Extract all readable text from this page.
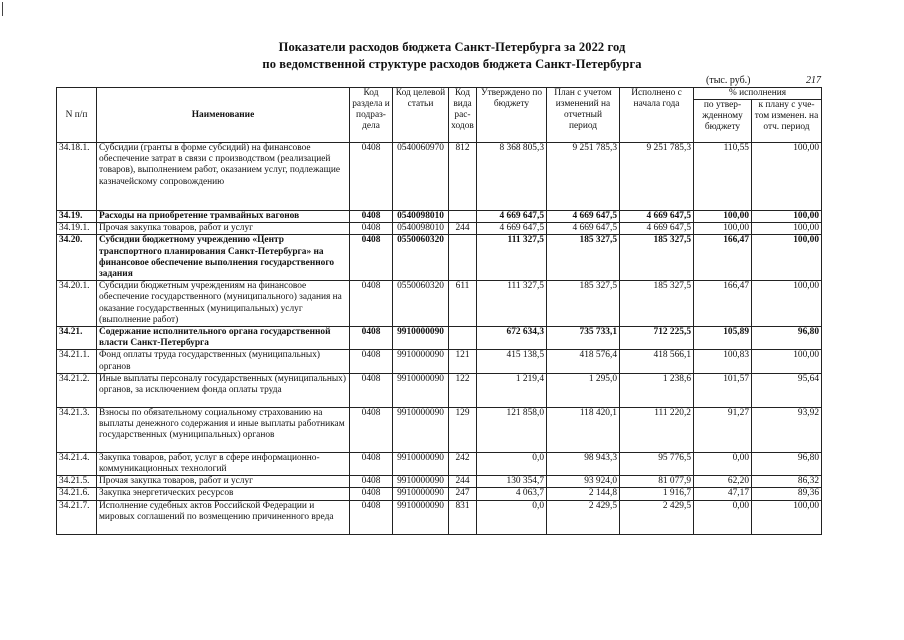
Показатели расходов бюджета Санкт-Петербурга за 2022 год
по ведомственной структуре расходов бюджета Санкт-Петербурга
(тыс. руб.)	217
N п/п	Наименование	Код раздела и подраз-дела	Код целевой статьи	Код вида рас-ходов	Утверждено по бюджету	План с учетом изменений на отчетный период	Исполнено с начала года	% исполнения	
								по утвер-жденному бюджету	к плану с уче-том изменен. на отч. период
34.18.1.	Субсидии (гранты в форме субсидий) на финансовое обеспечение затрат в связи с производством (реализацией товаров), выполнением работ, оказанием услуг, подлежащие казначейскому сопровождению	0408	0540060970	812	8 368 805,3	9 251 785,3	9 251 785,3	110,55	100,00
34.19.	Расходы на приобретение трамвайных вагонов	0408	0540098010		4 669 647,5	4 669 647,5	4 669 647,5	100,00	100,00
34.19.1.	Прочая закупка товаров, работ и услуг	0408	0540098010	244	4 669 647,5	4 669 647,5	4 669 647,5	100,00	100,00
34.20.	Субсидии бюджетному учреждению «Центр транспортного планирования Санкт-Петербурга» на финансовое обеспечение выполнения государственного задания	0408	0550060320		111 327,5	185 327,5	185 327,5	166,47	100,00
34.20.1.	Субсидии бюджетным учреждениям на финансовое обеспечение государственного (муниципального) задания на оказание государственных (муниципальных) услуг (выполнение работ)	0408	0550060320	611	111 327,5	185 327,5	185 327,5	166,47	100,00
34.21.	Содержание исполнительного органа государственной власти Санкт-Петербурга	0408	9910000090		672 634,3	735 733,1	712 225,5	105,89	96,80
34.21.1.	Фонд оплаты труда государственных (муниципальных) органов	0408	9910000090	121	415 138,5	418 576,4	418 566,1	100,83	100,00
34.21.2.	Иные выплаты персоналу государственных (муниципальных) органов, за исключением фонда оплаты труда	0408	9910000090	122	1 219,4	1 295,0	1 238,6	101,57	95,64
34.21.3.	Взносы по обязательному социальному страхованию на выплаты денежного содержания и иные выплаты работникам государственных (муниципальных) органов	0408	9910000090	129	121 858,0	118 420,1	111 220,2	91,27	93,92
34.21.4.	Закупка товаров, работ, услуг в сфере информационно-коммуникационных технологий	0408	9910000090	242	0,0	98 943,3	95 776,5	0,00	96,80
34.21.5.	Прочая закупка товаров, работ и услуг	0408	9910000090	244	130 354,7	93 924,0	81 077,9	62,20	86,32
34.21.6.	Закупка энергетических ресурсов	0408	9910000090	247	4 063,7	2 144,8	1 916,7	47,17	89,36
34.21.7.	Исполнение судебных актов Российской Федерации и мировых соглашений по возмещению причиненного вреда	0408	9910000090	831	0,0	2 429,5	2 429,5	0,00	100,00
